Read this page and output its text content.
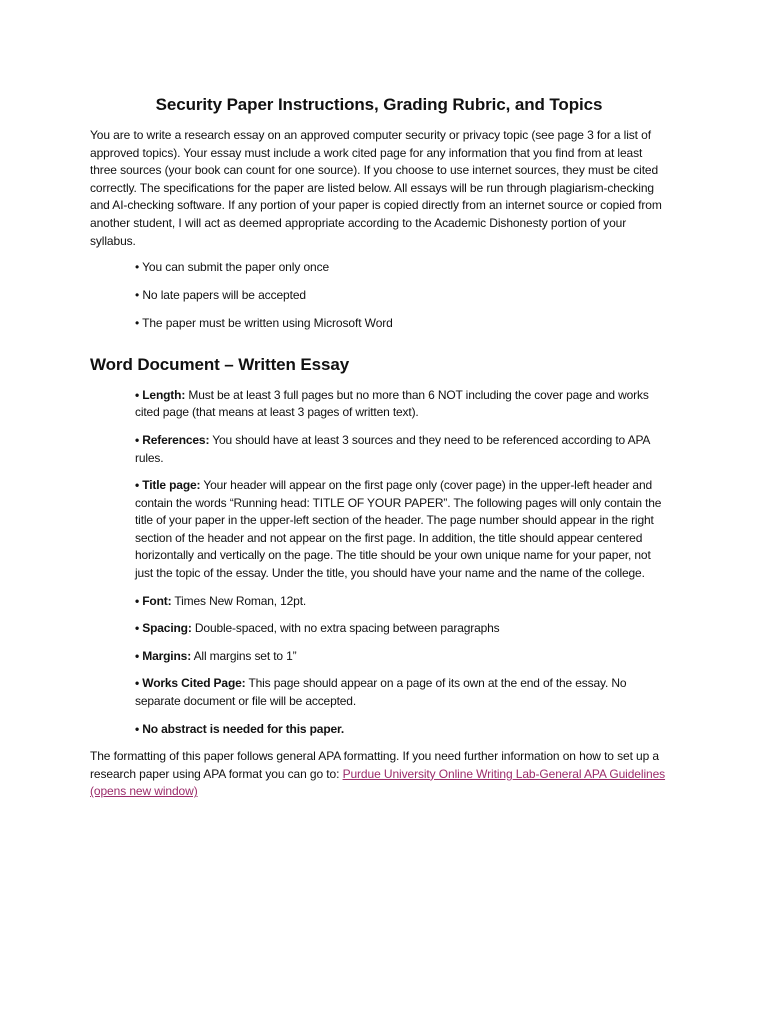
Security Paper Instructions, Grading Rubric, and Topics

You are to write a research essay on an approved computer security or privacy topic (see page 3 for a list of approved topics). Your essay must include a work cited page for any information that you find from at least three sources (your book can count for one source). If you choose to use internet sources, they must be cited correctly. The specifications for the paper are listed below. All essays will be run through plagiarism-checking and AI-checking software. If any portion of your paper is copied directly from an internet source or copied from another student, I will act as deemed appropriate according to the Academic Dishonesty portion of your syllabus.

• You can submit the paper only once
• No late papers will be accepted
• The paper must be written using Microsoft Word
Word Document – Written Essay
• Length: Must be at least 3 full pages but no more than 6 NOT including the cover page and works cited page (that means at least 3 pages of written text).
• References: You should have at least 3 sources and they need to be referenced according to APA rules.
• Title page: Your header will appear on the first page only (cover page) in the upper-left header and contain the words “Running head: TITLE OF YOUR PAPER”. The following pages will only contain the title of your paper in the upper-left section of the header. The page number should appear in the right section of the header and not appear on the first page. In addition, the title should appear centered horizontally and vertically on the page. The title should be your own unique name for your paper, not just the topic of the essay. Under the title, you should have your name and the name of the college.
• Font: Times New Roman, 12pt.
• Spacing: Double-spaced, with no extra spacing between paragraphs
• Margins: All margins set to 1”
• Works Cited Page: This page should appear on a page of its own at the end of the essay. No separate document or file will be accepted.
• No abstract is needed for this paper.

The formatting of this paper follows general APA formatting. If you need further information on how to set up a research paper using APA format you can go to: Purdue University Online Writing Lab-General APA Guidelines (opens new window)
